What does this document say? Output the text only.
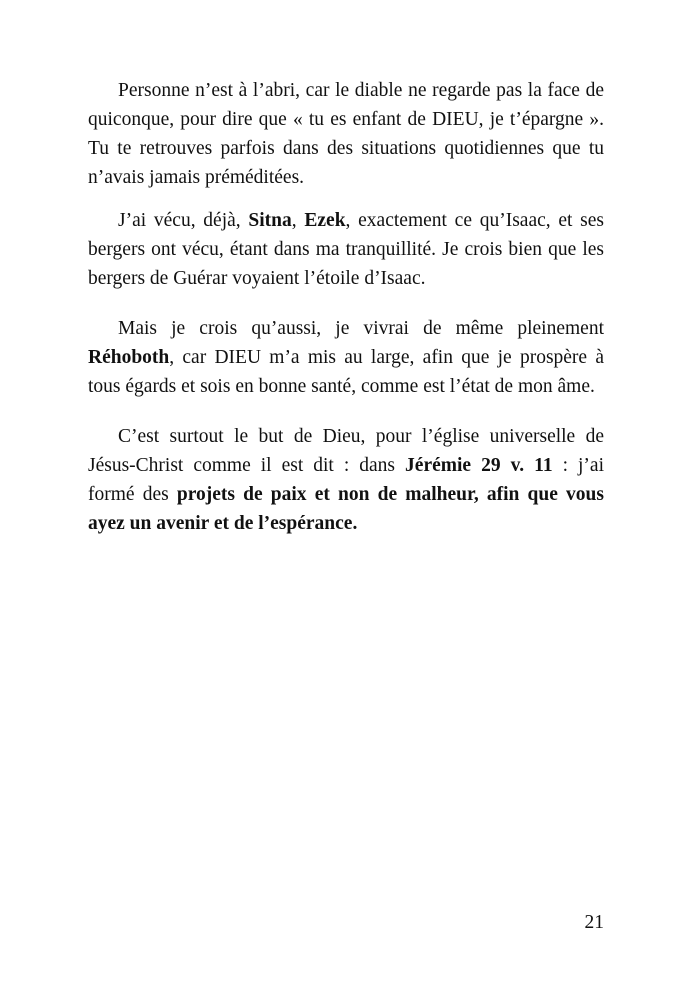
Personne n’est à l’abri, car le diable ne regarde pas la face de
quiconque, pour dire que « tu es enfant de DIEU, je t’épargne ».
Tu te retrouves parfois dans des situations quotidiennes que tu
n’avais jamais préméditées.
J’ai vécu, déjà, Sitna, Ezek, exactement ce qu’Isaac, et ses
bergers ont vécu, étant dans ma tranquillité. Je crois bien que les
bergers de Guérar voyaient l’étoile d’Isaac.
Mais je crois qu’aussi, je vivrai de même pleinement
Réhoboth, car DIEU m’a mis au large, afin que je prospère à
tous égards et sois en bonne santé, comme est l’état de mon âme.
C’est surtout le but de Dieu, pour l’église universelle de
Jésus-Christ comme il est dit : dans Jérémie 29 v. 11 : j’ai
formé des projets de paix et non de malheur, afin que vous
ayez un avenir et de l’espérance.
21
